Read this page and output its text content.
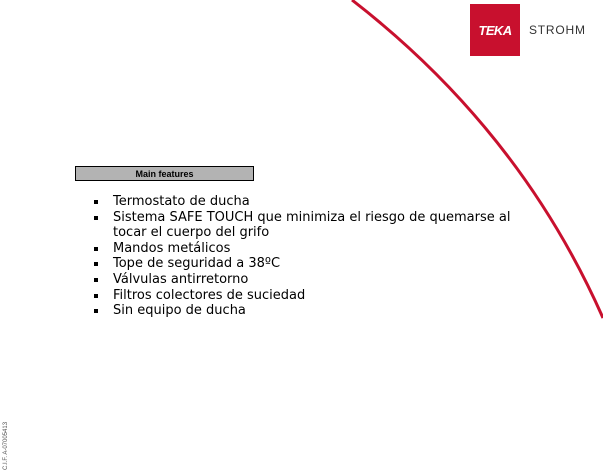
TEKA STROHM
Main features
Termostato de ducha
Sistema SAFE TOUCH que minimiza el riesgo de quemarse al tocar el cuerpo del grifo
Mandos metálicos
Tope de seguridad a 38ºC
Válvulas antirretorno
Filtros colectores de suciedad
Sin equipo de ducha
C.I.F. A-07005413
